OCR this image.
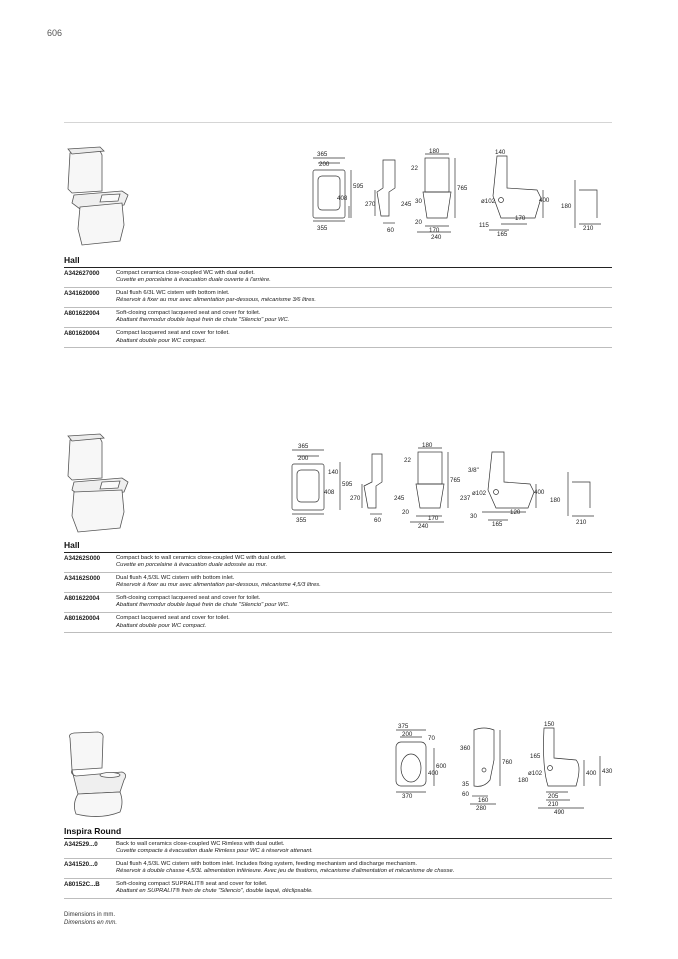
606
365
200
595
408
355
270
60
180
22
765
245 30
20
170
240
140
ø102	400
170
115
165
180
210
Hall
A342627000	Compact ceramica close-coupled WC with dual outlet.
Cuvette en porcelaine à évacuation duale ouverte à l'arrière.
A341620000	Dual flush 6/3L WC cistern with bottom inlet.
Réservoir à fixer au mur avec alimentation par-dessous, mécanisme 3/6 litres.
A801622004	Soft-closing compact lacquered seat and cover for toilet.
Abattant thermodur double laqué frein de chute "Silencio" pour WC.
A801620004	Compact lacquered seat and cover for toilet.
Abattant double pour WC compact.
365
200
140
595
408
355
270
60
180
22
765
245
20
170
240
3/8"
ø102
237
400
30
120
165
180
210
Hall
A34262S000	Compact back to wall ceramics close-coupled WC with dual outlet.
Cuvette en porcelaine à évacuation duale adossée au mur.
A34162S000	Dual flush 4,5/3L WC cistern with bottom inlet.
Réservoir à fixer au mur avec alimentation par-dessous, mécanisme 4,5/3 litres.
A801622004	Soft-closing compact lacquered seat and cover for toilet.
Abattant thermodur double laqué frein de chute "Silencio" pour WC.
A801620004	Compact lacquered seat and cover for toilet.
Abattant double pour WC compact.
375
200
70
600
400
370
360
760
35
60
160
280
150
165
ø102
180
400 430
205
210
490
Inspira Round
A342529...0	Back to wall ceramics close-coupled WC Rimless with dual outlet.
Cuvette compacte à évacuation duale Rimless pour WC à réservoir attenant.
A341520...0	Dual flush 4,5/3L WC cistern with bottom inlet. Includes fixing system, feeding mechanism and discharge mechanism.
Réservoir à double chasse 4,5/3L alimentation inférieure. Avec jeu de fixations, mécanisme d'alimentation et mécanisme de chasse.
A80152C...B	Soft-closing compact SUPRALIT® seat and cover for toilet.
Abattant en SUPRALIT® frein de chute "Silencio", double laqué, déclipsable.
Dimensions in mm.
Dimensions en mm.
